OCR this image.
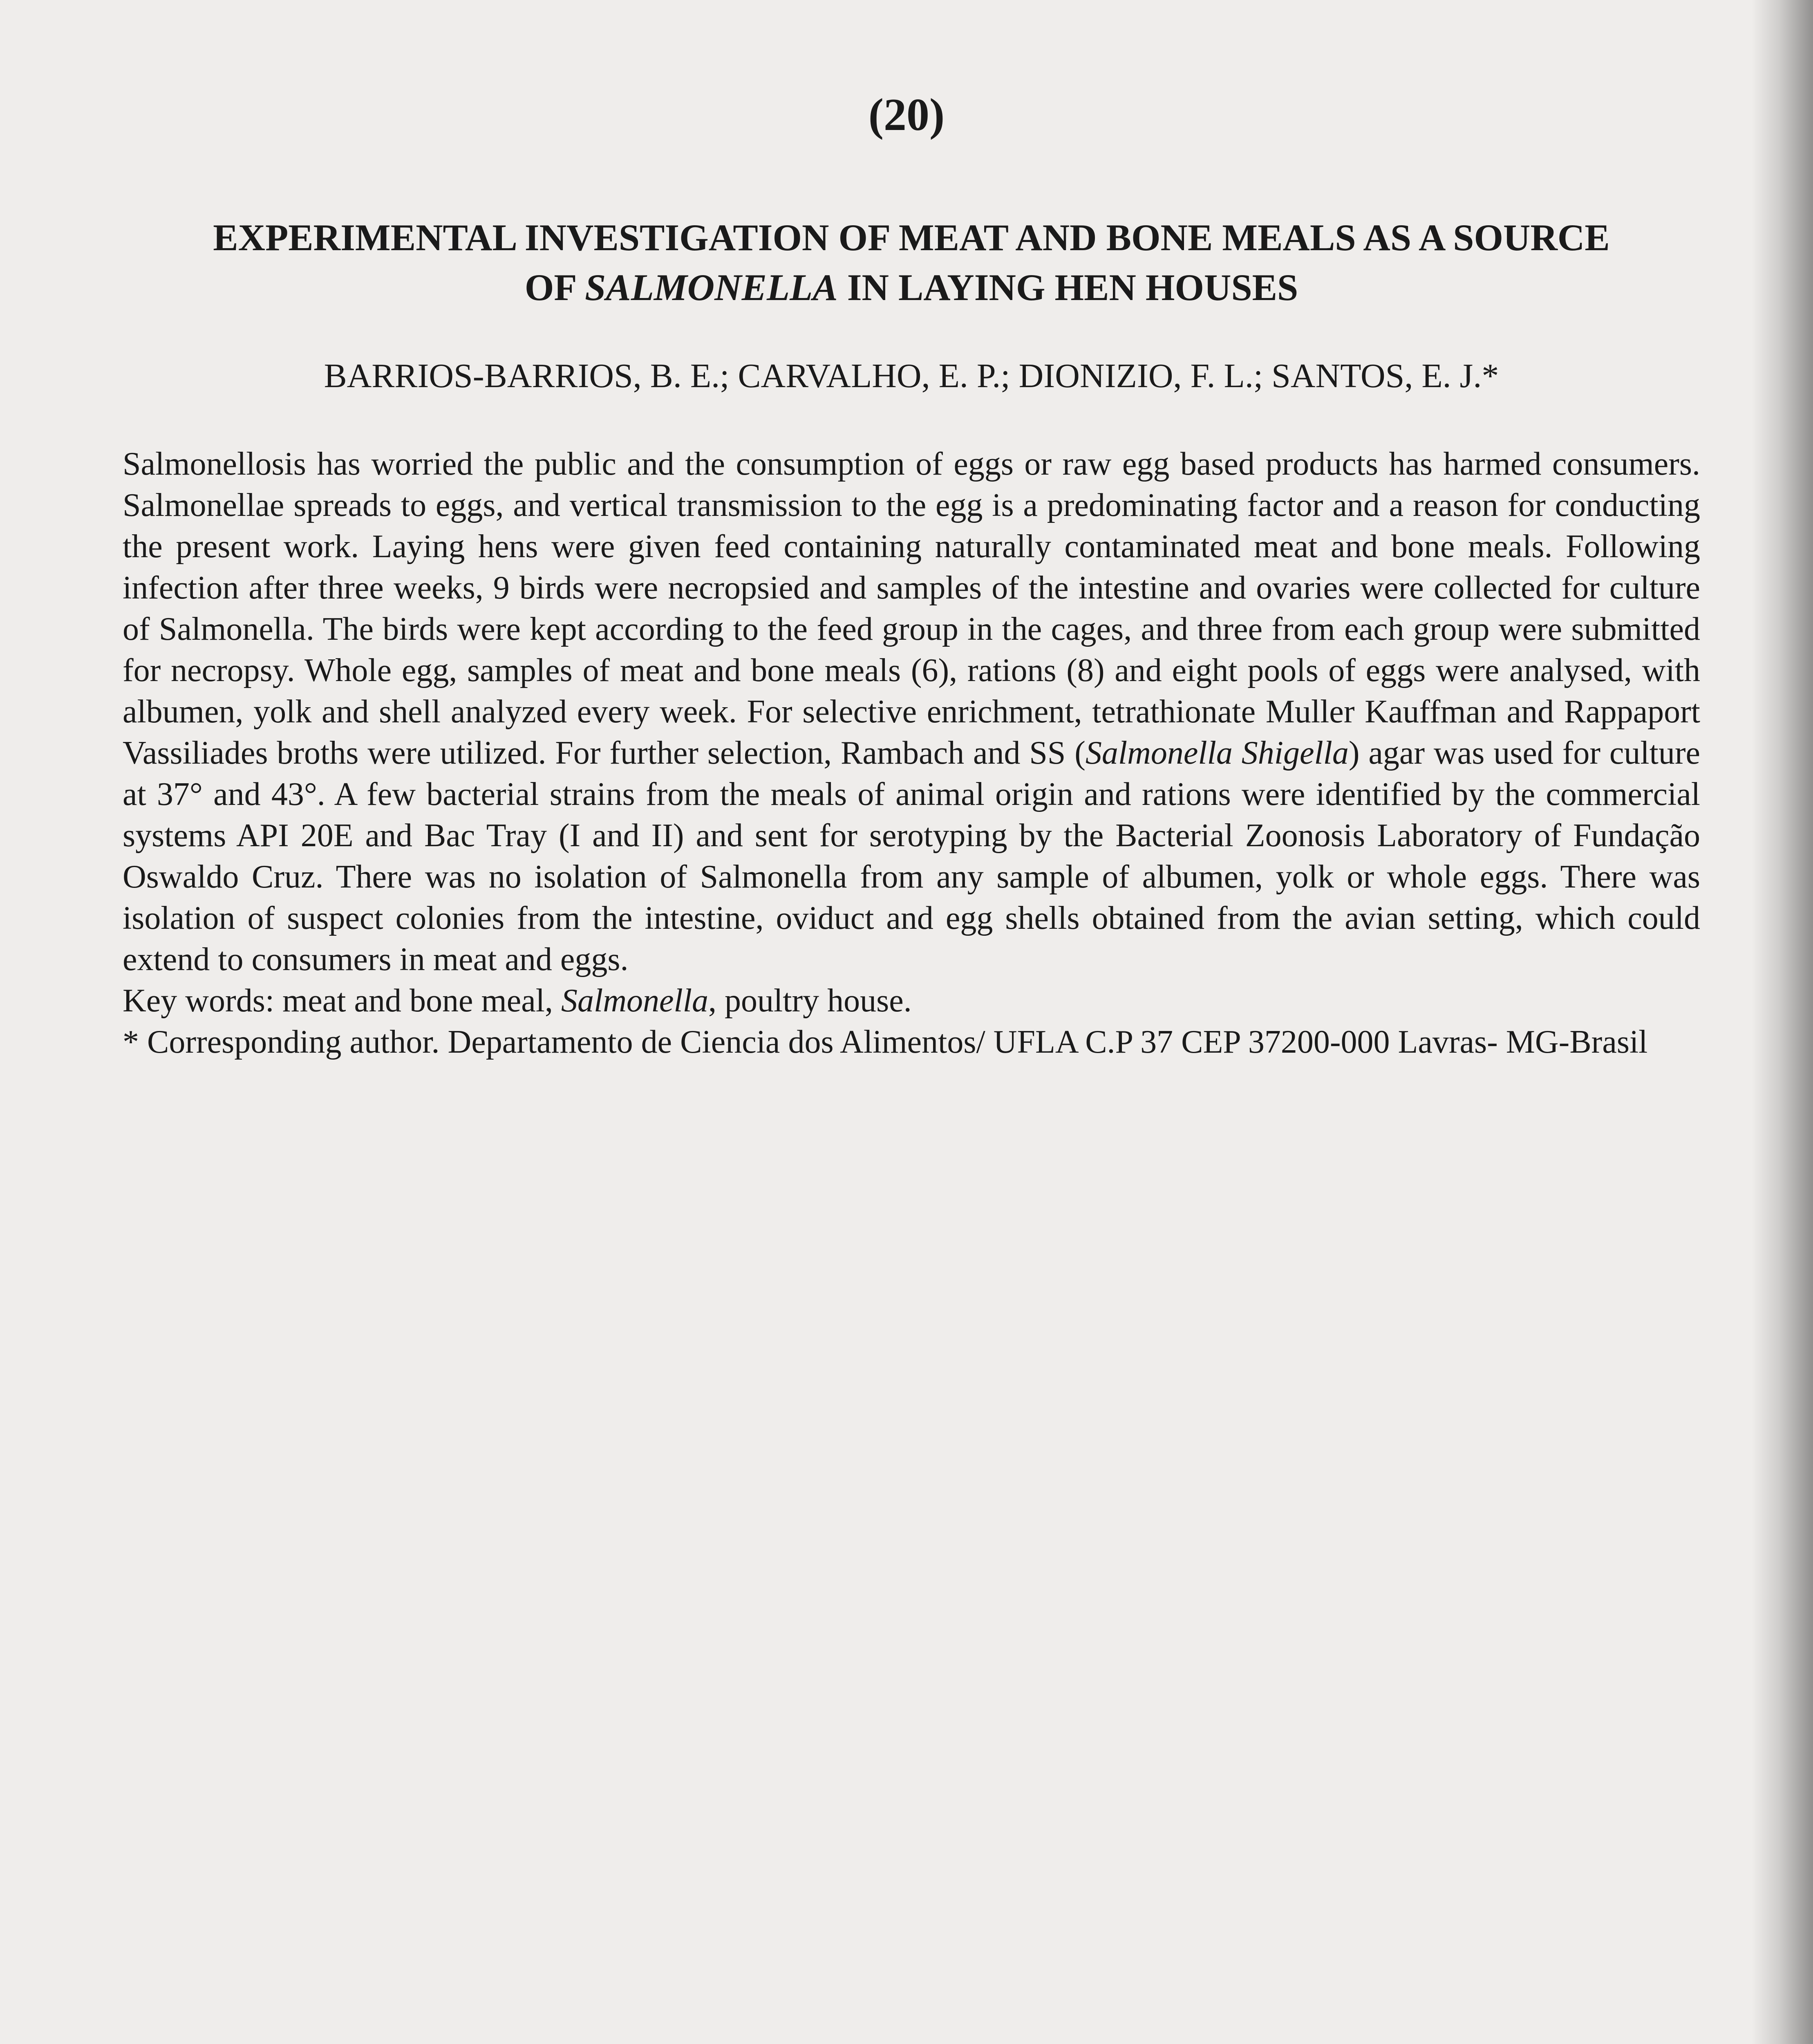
(20)
EXPERIMENTAL INVESTIGATION OF MEAT AND BONE MEALS AS A SOURCE
OF SALMONELLA IN LAYING HEN HOUSES
BARRIOS-BARRIOS, B. E.; CARVALHO, E. P.; DIONIZIO, F. L.; SANTOS, E. J.*

Salmonellosis has worried the public and the consumption of eggs or raw egg based products has harmed consumers. Salmonellae spreads to eggs, and vertical transmission to the egg is a predominating factor and a reason for conducting the present work. Laying hens were given feed containing naturally contaminated meat and bone meals. Following infection after three weeks, 9 birds were necropsied and samples of the intestine and ovaries were collected for culture of Salmonella. The birds were kept according to the feed group in the cages, and three from each group were submitted for necropsy. Whole egg, samples of meat and bone meals (6), rations (8) and eight pools of eggs were analysed, with albumen, yolk and shell analyzed every week. For selective enrichment, tetrathionate Muller Kauffman and Rappaport Vassiliades broths were utilized. For further selection, Rambach and SS (Salmonella Shigella) agar was used for culture at 37° and 43°. A few bacterial strains from the meals of animal origin and rations were identified by the commercial systems API 20E and Bac Tray (I and II) and sent for serotyping by the Bacterial Zoonosis Laboratory of Fundação Oswaldo Cruz. There was no isolation of Salmonella from any sample of albumen, yolk or whole eggs. There was isolation of suspect colonies from the intestine, oviduct and egg shells obtained from the avian setting, which could extend to consumers in meat and eggs.

Key words: meat and bone meal, Salmonella, poultry house.

* Corresponding author. Departamento de Ciencia dos Alimentos/ UFLA C.P 37 CEP 37200-000 Lavras- MG-Brasil
